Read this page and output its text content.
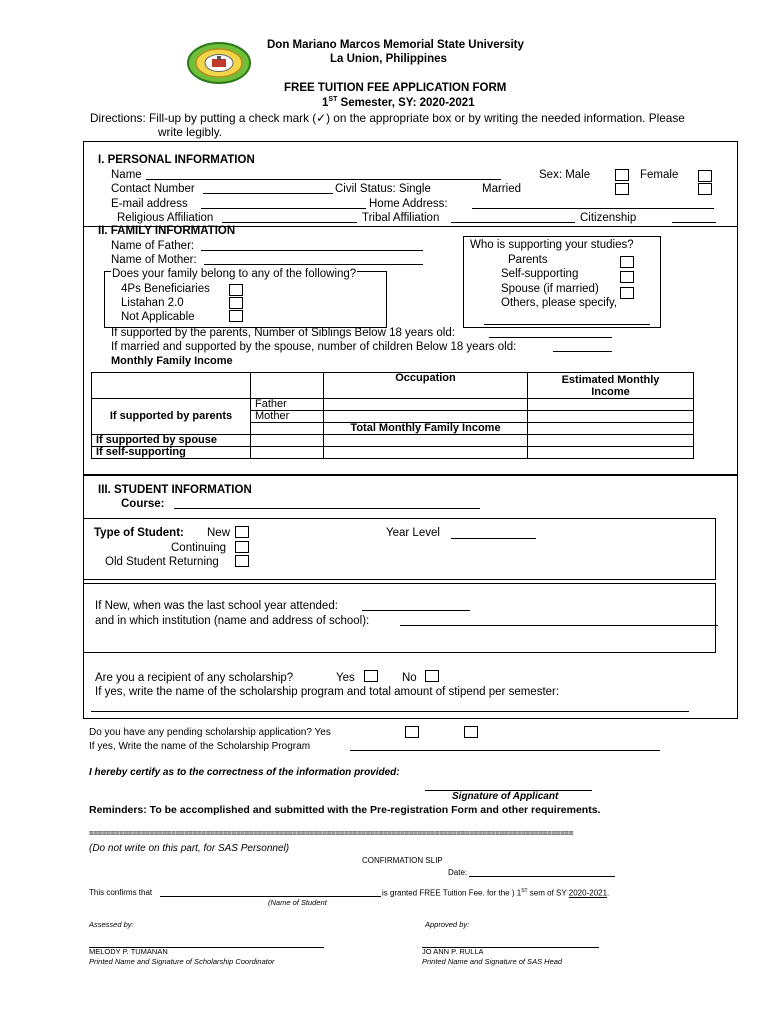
Don Mariano Marcos Memorial State University
La Union, Philippines
FREE TUITION FEE APPLICATION FORM
1ST Semester, SY: 2020-2021
Directions: Fill-up by putting a check mark (✓) on the appropriate box or by writing the needed information. Please
write legibly.
I. PERSONAL INFORMATION
Name	Sex: Male	Female
Contact Number	Civil Status: Single	Married
E-mail address	Home Address:
Religious Affiliation	Tribal Affiliation	Citizenship
II. FAMILY INFORMATION
Name of Father:
Name of Mother:
Does your family belong to any of the following?
4Ps Beneficiaries
Listahan 2.0
Not Applicable
Who is supporting your studies?
Parents
Self-supporting
Spouse (if married)
Others, please specify,
If supported by the parents, Number of Siblings Below 18 years old:
If married and supported by the spouse, number of children Below 18 years old:
Monthly Family Income
		Occupation	Estimated Monthly
Income
If supported by parents	Father		
	Mother		
		Total Monthly Family Income	
If supported by spouse			
If self-supporting			
III. STUDENT INFORMATION
Course:
Type of Student: New
Continuing
Old Student Returning
Year Level
If New, when was the last school year attended:
and in which institution (name and address of school):
Are you a recipient of any scholarship?	Yes	No
If yes, write the name of the scholarship program and total amount of stipend per semester:
Do you have any pending scholarship application? Yes
If yes, Write the name of the Scholarship Program
I hereby certify as to the correctness of the information provided:
Signature of Applicant
Reminders: To be accomplished and submitted with the Pre-registration Form and other requirements.
================================================================================================================
(Do not write on this part, for SAS Personnel)
CONFIRMATION SLIP
Date:
This confirms that	is granted FREE Tuition Fee. for the ) 1ST sem of SY 2020-2021.
(Name of Student
Assessed by:	Approved by:
MELODY P. TUMANAN	JO ANN P. RULLA
Printed Name and Signature of Scholarship Coordinator	Printed Name and Signature of SAS Head
